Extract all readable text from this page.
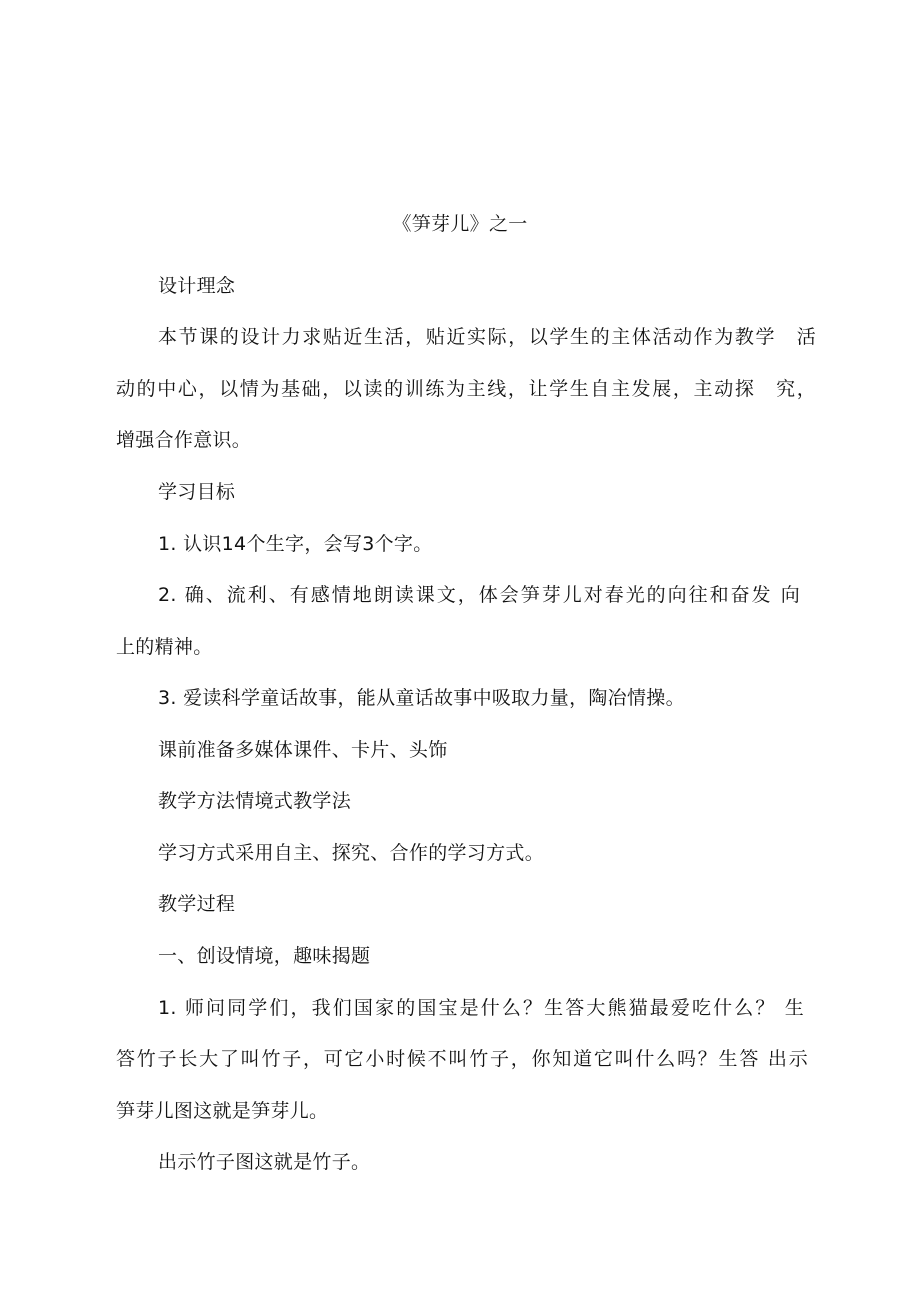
《笋芽儿》之一

设计理念

本节课的设计力求贴近生活，贴近实际，以学生的主体活动作为教学　活

动的中心，以情为基础，以读的训练为主线，让学生自主发展，主动探　究，

增强合作意识。

学习目标

1. 认识14个生字，会写3个字。

2. 确、流利、有感情地朗读课文，体会笋芽儿对春光的向往和奋发 向

上的精神。

3. 爱读科学童话故事，能从童话故事中吸取力量，陶冶情操。

课前准备多媒体课件、卡片、头饰

教学方法情境式教学法

学习方式采用自主、探究、合作的学习方式。

教学过程

一、创设情境，趣味揭题

1. 师问同学们，我们国家的国宝是什么？生答大熊猫最爱吃什么？ 生

答竹子长大了叫竹子，可它小时候不叫竹子，你知道它叫什么吗？生答 出示

笋芽儿图这就是笋芽儿。

出示竹子图这就是竹子。
